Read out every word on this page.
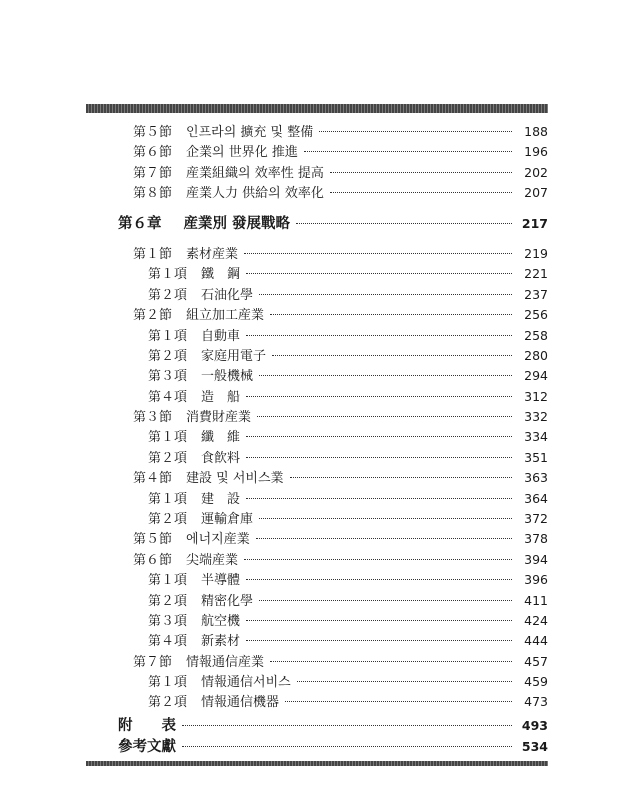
第５節 인프라의 擴充 및 整備	188
第６節 企業의 世界化 推進	196
第７節 産業組織의 效率性 提高	202
第８節 産業人力 供給의 效率化	207
第６章 産業別 發展戰略	217
第１節 素材産業	219
第１項 鐵　鋼	221
第２項 石油化學	237
第２節 組立加工産業	256
第１項 自動車	258
第２項 家庭用電子	280
第３項 一般機械	294
第４項 造　船	312
第３節 消費財産業	332
第１項 纖　維	334
第２項 食飮料	351
第４節 建設 및 서비스業	363
第１項 建　設	364
第２項 運輸倉庫	372
第５節 에너지産業	378
第６節 尖端産業	394
第１項 半導體	396
第２項 精密化學	411
第３項 航空機	424
第４項 新素材	444
第７節 情報通信産業	457
第１項 情報通信서비스	459
第２項 情報通信機器	473
附　　表	493
參考文獻	534
